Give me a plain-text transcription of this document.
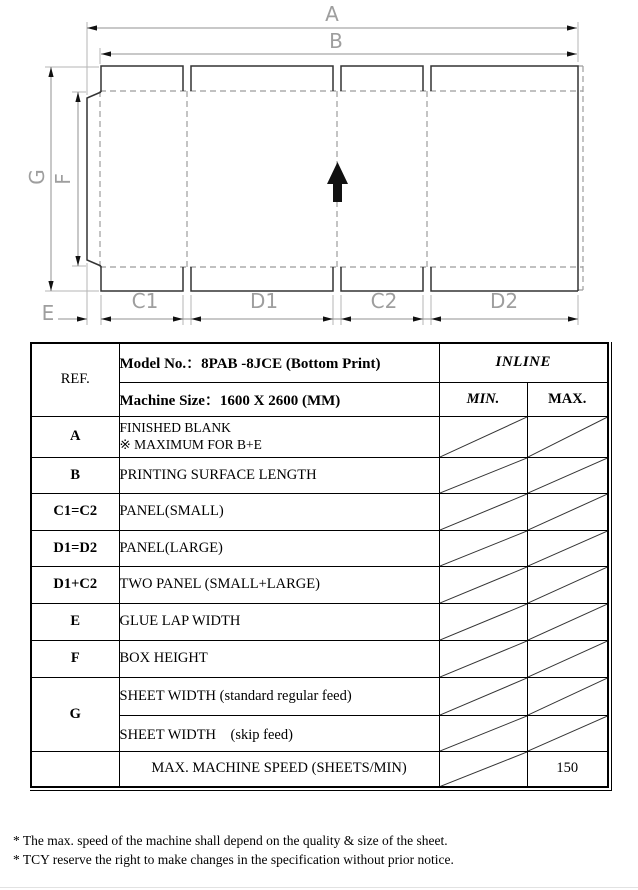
A
B
G F
E	C1	D1	C2	D2
REF.	Model No.：8PAB -8JCE (Bottom Print)	INLINE	
	Machine Size：1600 X 2600 (MM)	MIN.	MAX.
A	FINISHED BLANK
※ MAXIMUM FOR B+E	

B	PRINTING SURFACE LENGTH	

C1=C2	PANEL(SMALL)	

D1=D2	PANEL(LARGE)	

D1+C2	TWO PANEL (SMALL+LARGE)	

E	GLUE LAP WIDTH	

F	BOX HEIGHT	

G	SHEET WIDTH (standard regular feed)	

	SHEET WIDTH　(skip feed)	

	MAX. MACHINE SPEED (SHEETS/MIN)		150
* The max. speed of the machine shall depend on the quality & size of the sheet.
* TCY reserve the right to make changes in the specification without prior notice.
